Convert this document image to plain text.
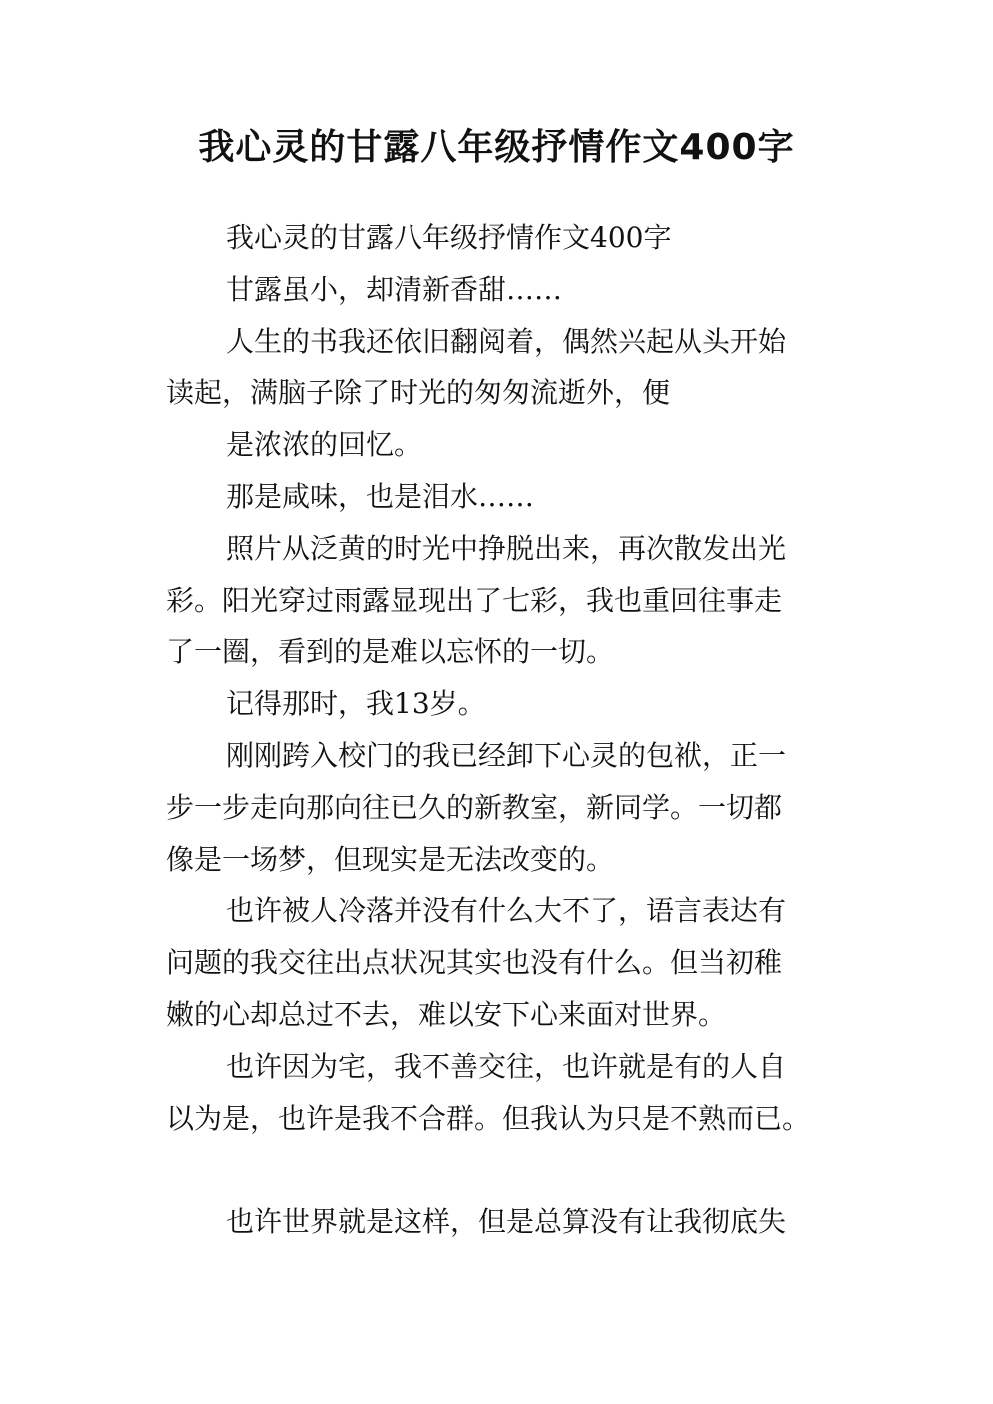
我心灵的甘露八年级抒情作文400字

我心灵的甘露八年级抒情作文400字

甘露虽小，却清新香甜……

人生的书我还依旧翻阅着，偶然兴起从头开始

读起，满脑子除了时光的匆匆流逝外，便

是浓浓的回忆。

那是咸味，也是泪水……

照片从泛黄的时光中挣脱出来，再次散发出光

彩。阳光穿过雨露显现出了七彩，我也重回往事走

了一圈，看到的是难以忘怀的一切。

记得那时，我13岁。

刚刚跨入校门的我已经卸下心灵的包袱，正一

步一步走向那向往已久的新教室，新同学。一切都

像是一场梦，但现实是无法改变的。

也许被人冷落并没有什么大不了，语言表达有

问题的我交往出点状况其实也没有什么。但当初稚

嫩的心却总过不去，难以安下心来面对世界。

也许因为宅，我不善交往，也许就是有的人自

以为是，也许是我不合群。但我认为只是不熟而已。

也许世界就是这样，但是总算没有让我彻底失
